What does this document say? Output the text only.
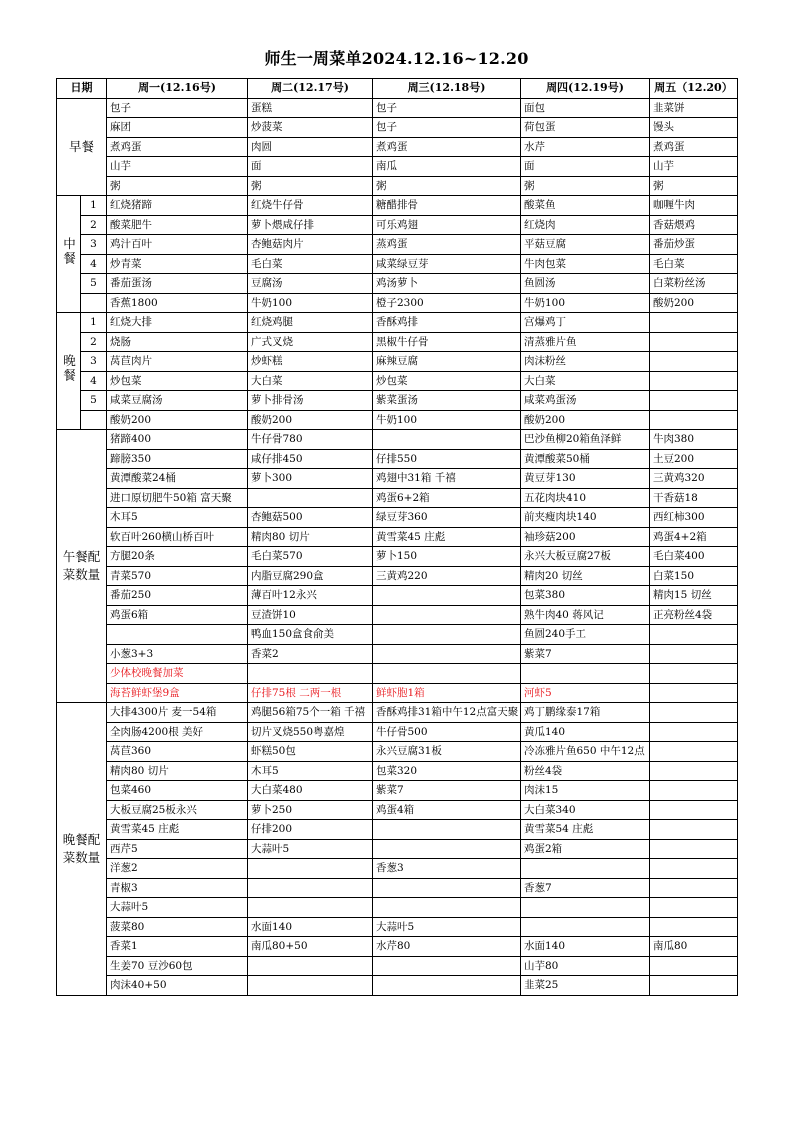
师生一周菜单2024.12.16~12.20
日期		周一(12.16号)	周二(12.17号)	周三(12.18号)	周四(12.19号)	周五（12.20）
早餐		包子	蛋糕	包子	面包	韭菜饼
		麻团	炒菠菜	包子	荷包蛋	馒头
		煮鸡蛋	肉圆	煮鸡蛋	水芹	煮鸡蛋
		山芋	面	南瓜	面	山芋
		粥	粥	粥	粥	粥
中餐	1	红烧猪蹄	红烧牛仔骨	糖醋排骨	酸菜鱼	咖喱牛肉
	2	酸菜肥牛	萝卜煨咸仔排	可乐鸡翅	红烧肉	香菇煨鸡
	3	鸡汁百叶	杏鲍菇肉片	蒸鸡蛋	平菇豆腐	番茄炒蛋
	4	炒青菜	毛白菜	咸菜绿豆芽	牛肉包菜	毛白菜
	5	番茄蛋汤	豆腐汤	鸡汤萝卜	鱼圆汤	白菜粉丝汤
		香蕉1800	牛奶100	橙子2300	牛奶100	酸奶200
晚餐	1	红烧大排	红烧鸡腿	香酥鸡排	宫爆鸡丁	
	2	烧肠	广式叉烧	黑椒牛仔骨	清蒸雅片鱼	
	3	莴苣肉片	炒虾糕	麻辣豆腐	肉沫粉丝	
	4	炒包菜	大白菜	炒包菜	大白菜	
	5	咸菜豆腐汤	萝卜排骨汤	紫菜蛋汤	咸菜鸡蛋汤	
		酸奶200	酸奶200	牛奶100	酸奶200	
午餐配菜数量		猪蹄400	牛仔骨780		巴沙鱼柳20箱鱼泽鲜	牛肉380
		蹄膀350	咸仔排450	仔排550	黄潭酸菜50桶	土豆200
		黄潭酸菜24桶	萝卜300	鸡翅中31箱 千禧	黄豆芽130	三黄鸡320
		进口原切肥牛50箱 富天聚		鸡蛋6+2箱	五花肉块410	干香菇18
		木耳5	杏鲍菇500	绿豆芽360	前夹瘦肉块140	西红柿300
		软百叶260横山桥百叶	精肉80 切片	黄雪菜45 庄彪	袖珍菇200	鸡蛋4+2箱
		方腿20条	毛白菜570	萝卜150	永兴大板豆腐27板	毛白菜400
		青菜570	内脂豆腐290盒	三黄鸡220	精肉20 切丝	白菜150
		番茄250	薄百叶12永兴		包菜380	精肉15 切丝
		鸡蛋6箱	豆渣饼10		熟牛肉40 蒋风记	正亮粉丝4袋
			鸭血150盒食俞美		鱼圆240手工	
		小葱3+3	香菜2		紫菜7	
		少体校晚餐加菜				
		海苔鲜虾堡9盒	仔排75根 二两一根	鲜虾胞1箱	河虾5	
晚餐配菜数量		大排4300片 麦一54箱	鸡腿56箱75个一箱 千禧	香酥鸡排31箱中午12点富天聚	鸡丁鹏缘泰17箱	
		全肉肠4200根 美好	切片叉烧550粤嘉煌	牛仔骨500	黄瓜140	
		莴苣360	虾糕50包	永兴豆腐31板	冷冻雅片鱼650 中午12点	
		精肉80 切片	木耳5	包菜320	粉丝4袋	
		包菜460	大白菜480	紫菜7	肉沫15	
		大板豆腐25板永兴	萝卜250	鸡蛋4箱	大白菜340	
		黄雪菜45 庄彪	仔排200		黄雪菜54 庄彪	
		西芹5	大蒜叶5		鸡蛋2箱	
		洋葱2		香葱3		
		青椒3			香葱7	
		大蒜叶5				
		菠菜80	水面140	大蒜叶5		
		香菜1	南瓜80+50	水芹80	水面140	南瓜80
		生姜70 豆沙60包			山芋80	
		肉沫40+50			韭菜25	
